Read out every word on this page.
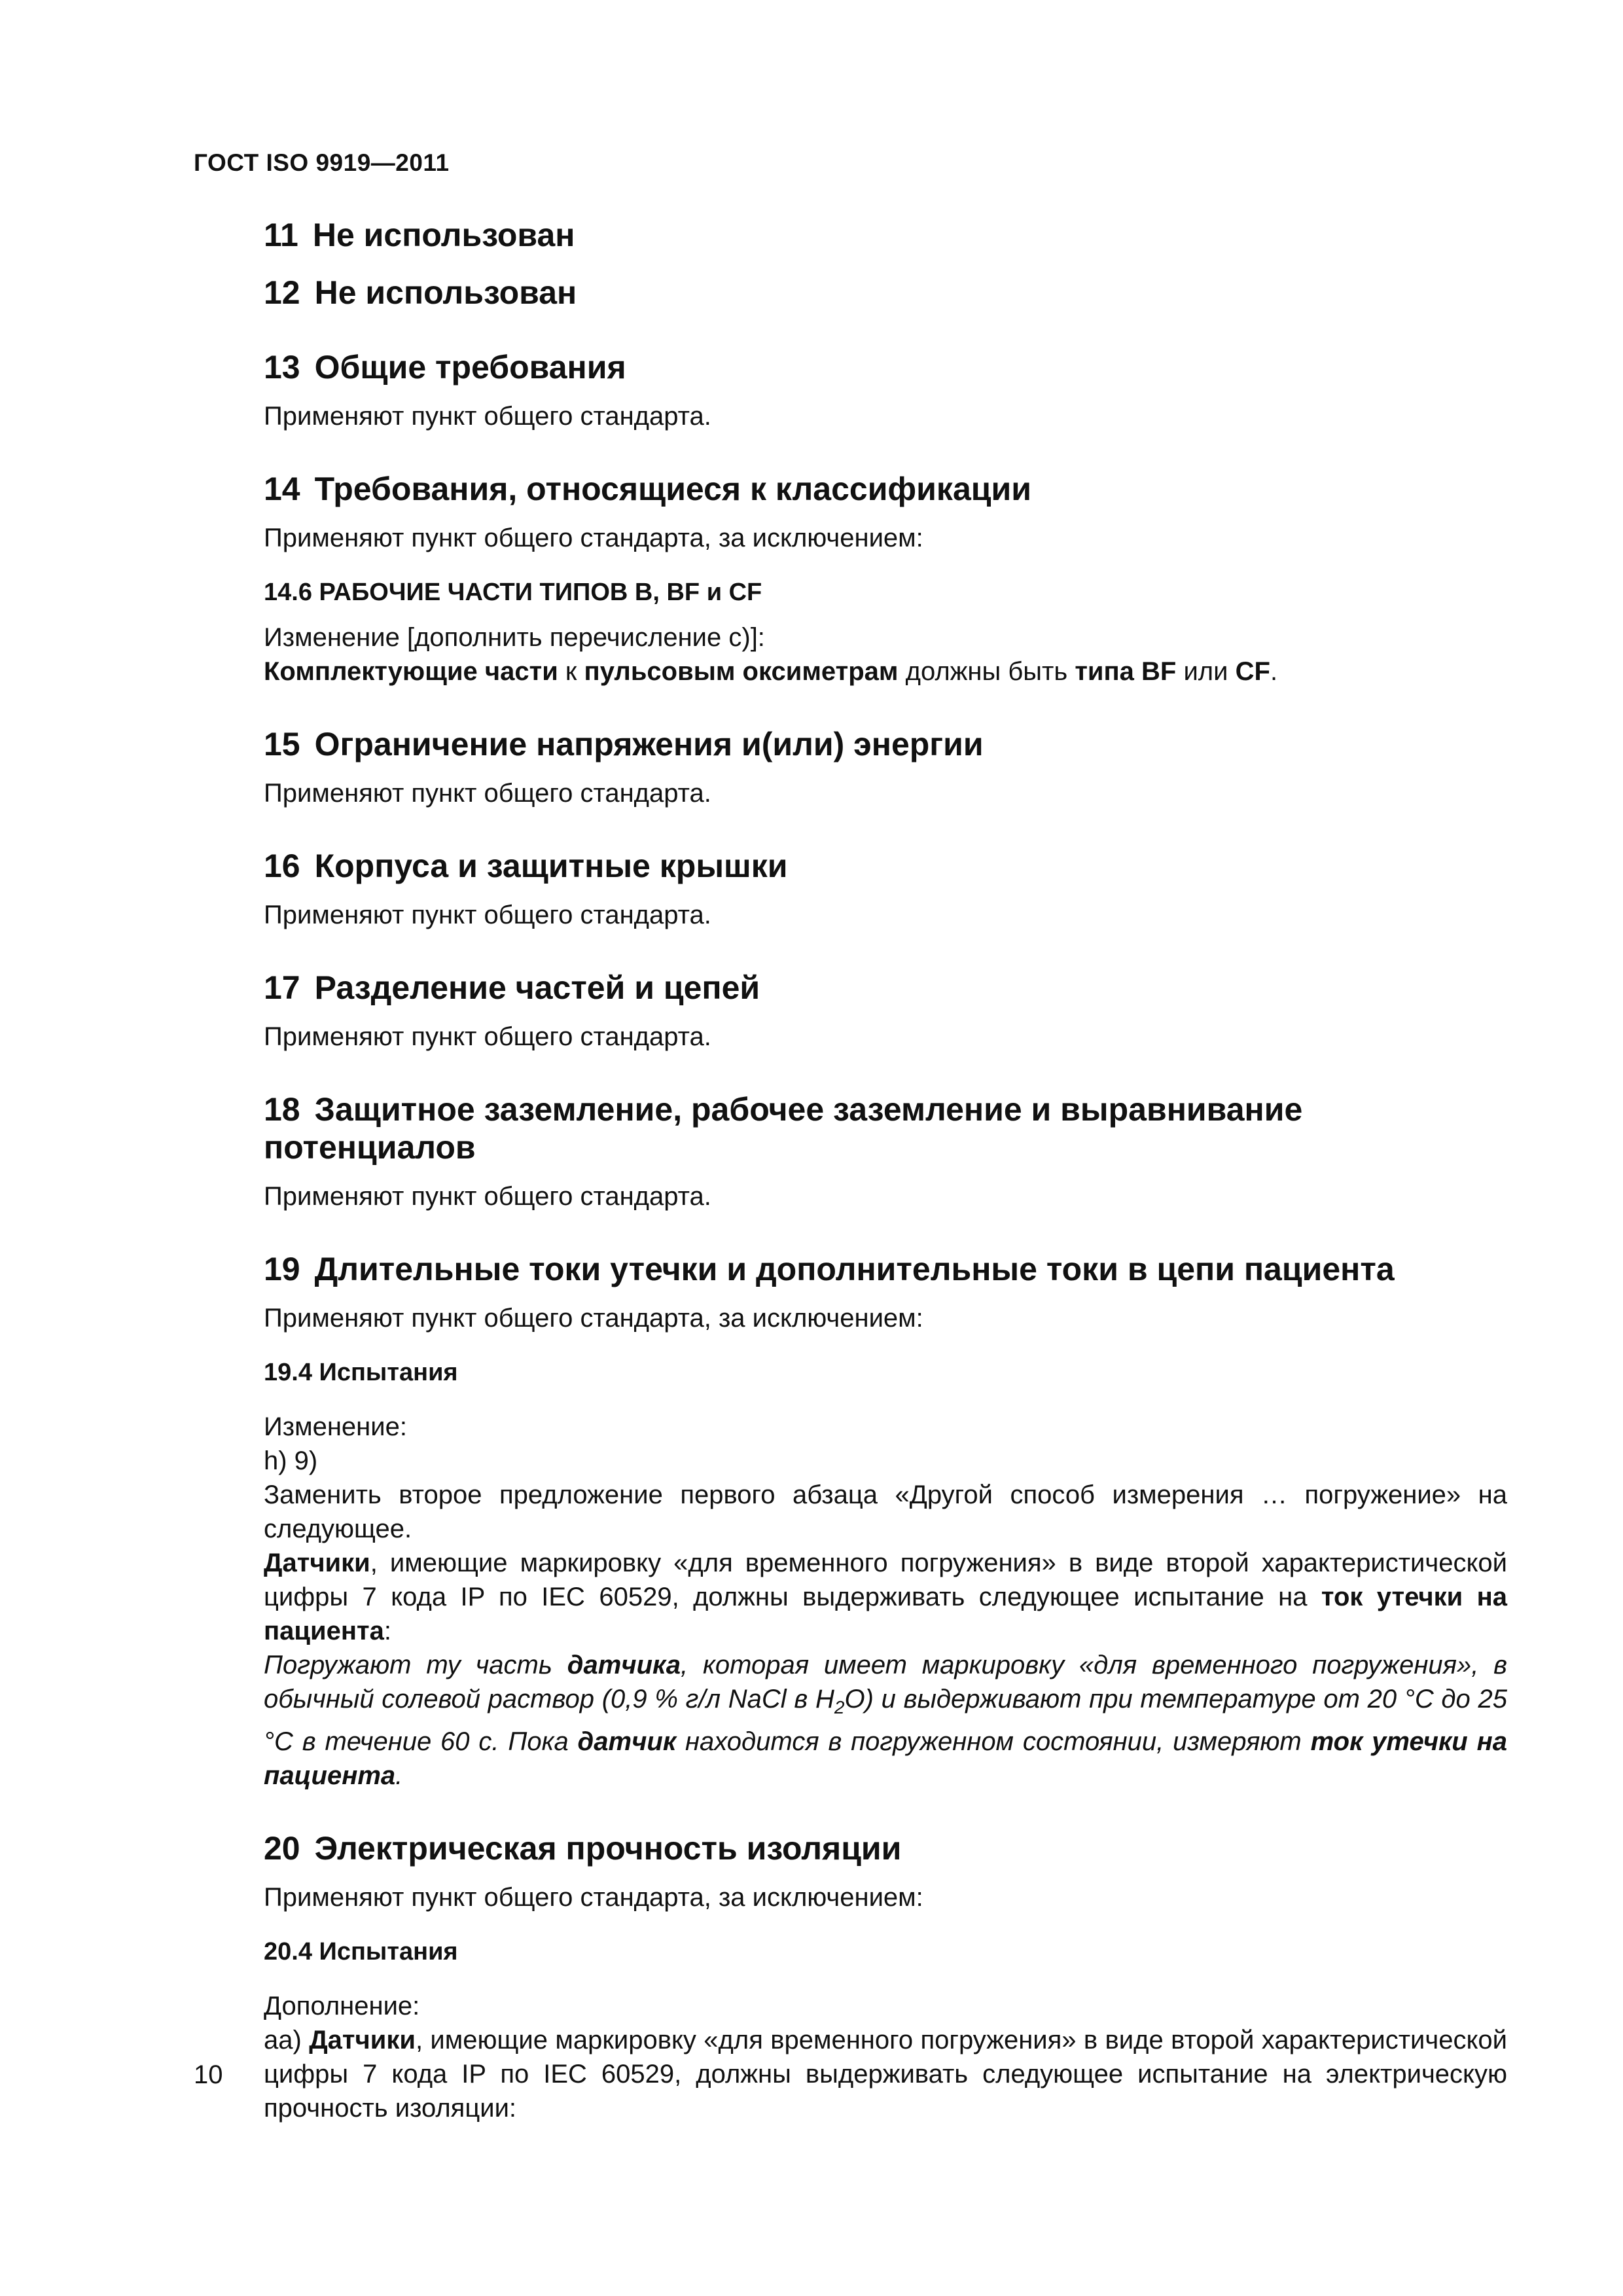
ГОСТ ISO 9919—2011
11 Не использован
12 Не использован
13 Общие требования

Применяют пункт общего стандарта.

14 Требования, относящиеся к классификации

Применяют пункт общего стандарта, за исключением:

14.6 РАБОЧИЕ ЧАСТИ ТИПОВ B, BF и CF

Изменение [дополнить перечисление с)]:

Комплектующие части к пульсовым оксиметрам должны быть типа BF или CF.

15 Ограничение напряжения и(или) энергии

Применяют пункт общего стандарта.

16 Корпуса и защитные крышки

Применяют пункт общего стандарта.

17 Разделение частей и цепей

Применяют пункт общего стандарта.

18 Защитное заземление, рабочее заземление и выравнивание
потенциалов

Применяют пункт общего стандарта.

19 Длительные токи утечки и дополнительные токи в цепи пациента

Применяют пункт общего стандарта, за исключением:

19.4 Испытания

Изменение:

h) 9)

Заменить второе предложение первого абзаца «Другой способ измерения … погружение» на следующее.

Датчики, имеющие маркировку «для временного погружения» в виде второй характеристической цифры 7 кода IP по IEC 60529, должны выдерживать следующее испытание на ток утечки на пациента:

Погружают ту часть датчика, которая имеет маркировку «для временного погружения», в обычный солевой раствор (0,9 % г/л NaCl в $H_2O$) и выдерживают при температуре от 20 °С до 25 °С в течение 60 с. Пока датчик находится в погруженном состоянии, измеряют ток утечки на пациента.

20 Электрическая прочность изоляции

Применяют пункт общего стандарта, за исключением:

20.4 Испытания

Дополнение:

аа) Датчики, имеющие маркировку «для временного погружения» в виде второй характеристической цифры 7 кода IP по IEC 60529, должны выдерживать следующее испытание на электрическую прочность изоляции:

10
